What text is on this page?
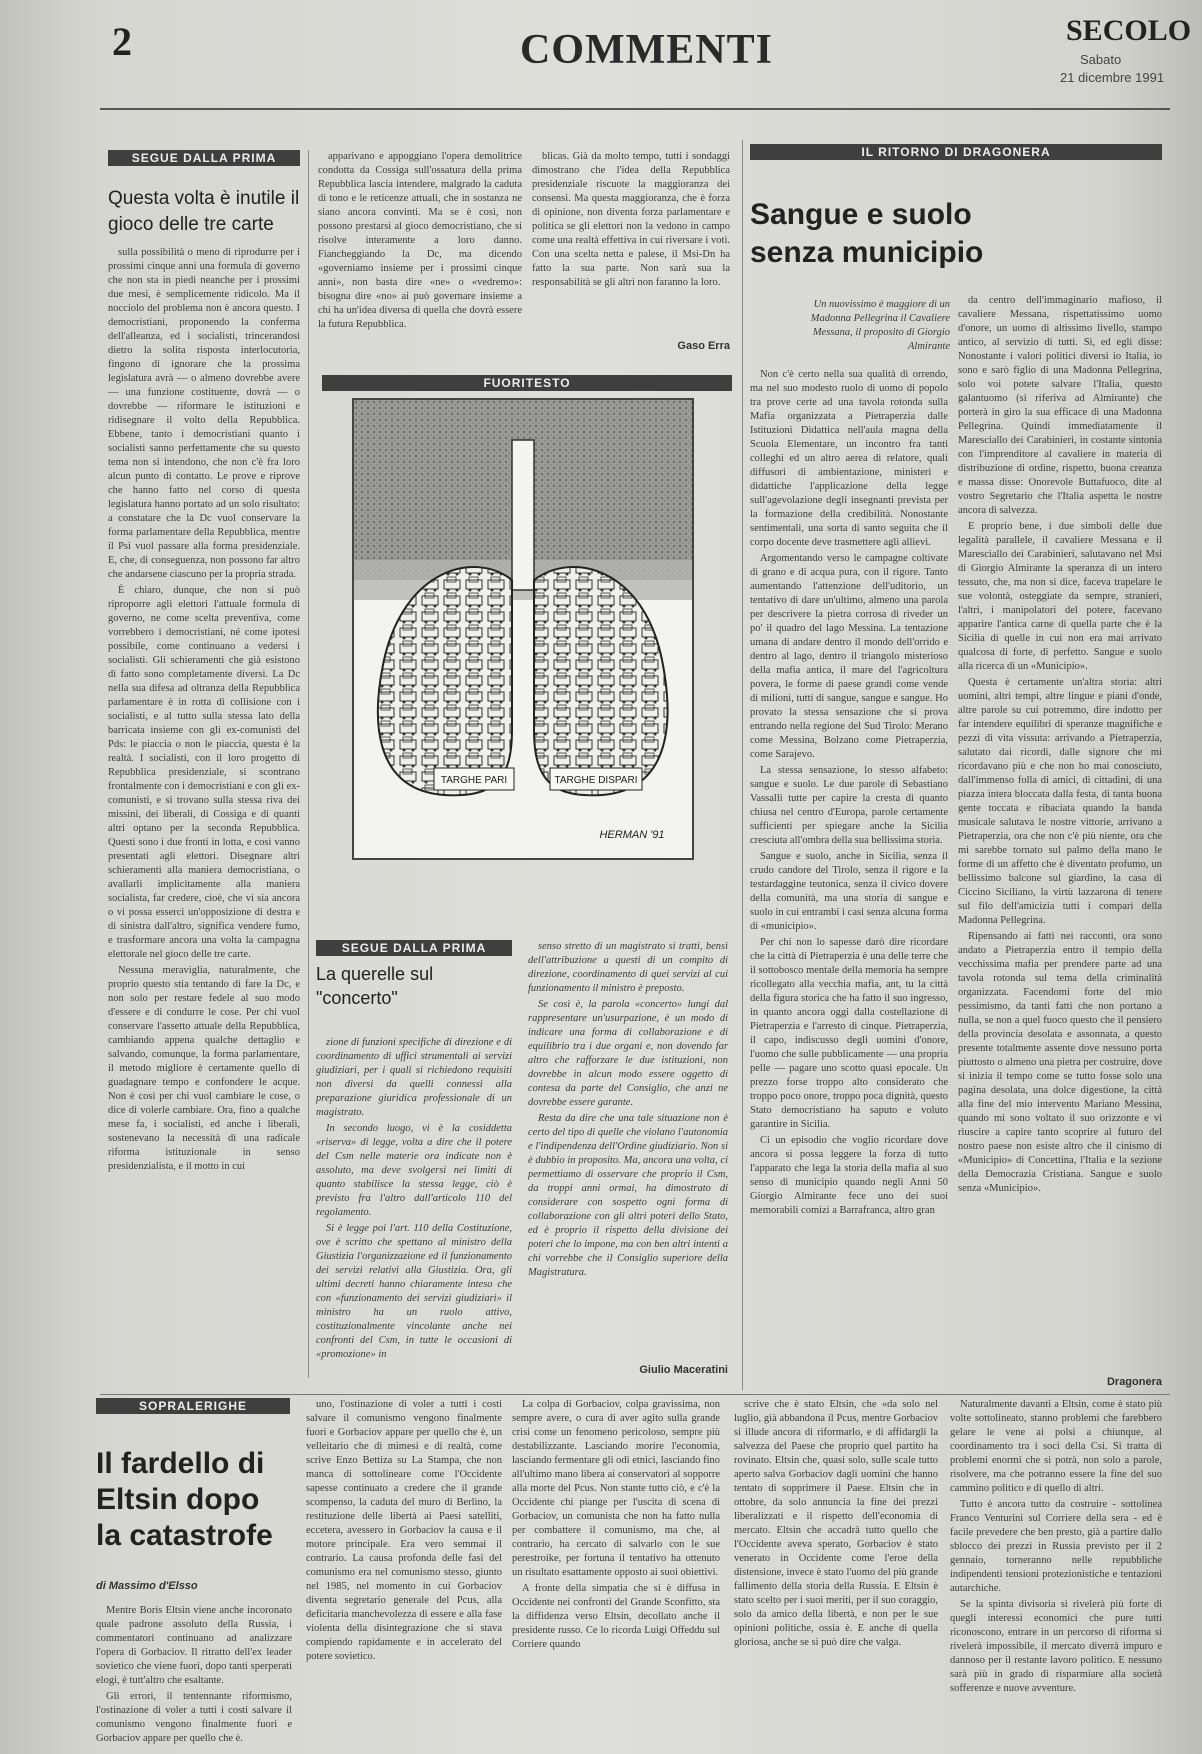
2	COMMENTI	SECOLO
Sabato
21 dicembre 1991
SEGUE DALLA PRIMA
Questa volta è inutile il gioco delle tre carte

sulla possibilità o meno di riprodurre per i prossimi cinque anni una formula di governo che non sta in piedi neanche per i prossimi due mesi, è semplicemente ridicolo. Ma il nocciolo del problema non è ancora questo. I democristiani, proponendo la conferma dell'alleanza, ed i socialisti, trincerandosi dietro la solita risposta interlocutoria, fingono di ignorare che la prossima legislatura avrà — o almeno dovrebbe avere — una funzione costituente, dovrà — o dovrebbe — riformare le istituzioni e ridisegnare il volto della Repubblica. Ebbene, tanto i democristiani quanto i socialisti sanno perfettamente che su questo tema non si intendono, che non c'è fra loro alcun punto di contatto. Le prove e riprove che hanno fatto nel corso di questa legislatura hanno portato ad un solo risultato: a constatare che la Dc vuol conservare la forma parlamentare della Repubblica, mentre il Psi vuol passare alla forma presidenziale. E, che, di conseguenza, non possono far altro che andarsene ciascuno per la propria strada.

È chiaro, dunque, che non si può riproporre agli elettori l'attuale formula di governo, ne come scelta preventiva, come vorrebbero i democristiani, né come ipotesi possibile, come continuano a vedersi i socialisti. Gli schieramenti che già esistono di fatto sono completamente diversi. La Dc nella sua difesa ad oltranza della Repubblica parlamentare è in rotta di collisione con i socialisti, e al tutto sulla stessa lato della barricata insieme con gli ex-comunisti del Pds: le piaccia o non le piaccia, questa è la realtà. I socialisti, con il loro progetto di Repubblica presidenziale, si scontrano frontalmente con i democristiani e con gli ex-comunisti, e si trovano sulla stessa riva dei missini, dei liberali, di Cossiga e di quanti altri optano per la seconda Repubblica. Questi sono i due fronti in lotta, e così vanno presentati agli elettori. Disegnare altri schieramenti alla maniera democristiana, o avallarli implicitamente alla maniera socialista, far credere, cioè, che vi sia ancora o vi possa esserci un'opposizione di destra e di sinistra dall'altro, significa vendere fumo, e trasformare ancora una volta la campagna elettorale nel gioco delle tre carte.

Nessuna meraviglia, naturalmente, che proprio questo stia tentando di fare la Dc, e non solo per restare fedele al suo modo d'essere e di condurre le cose. Per chi vuol conservare l'assetto attuale della Repubblica, cambiando appena qualche dettaglio e salvando, comunque, la forma parlamentare, il metodo migliore è certamente quello di guadagnare tempo e confondere le acque. Non è così per chi vuol cambiare le cose, o dice di volerle cambiare. Ora, fino a qualche mese fa, i socialisti, ed anche i liberali, sostenevano la necessità di una radicale riforma istituzionale in senso presidenzialista, e il motto in cui

apparivano e appoggiano l'opera demolitrice condotta da Cossiga sull'ossatura della prima Repubblica lascia intendere, malgrado la caduta di tono e le reticenze attuali, che in sostanza ne siano ancora convinti. Ma se è così, non possono prestarsi al gioco democristiano, che si risolve interamente a loro danno. Fiancheggiando la Dc, ma dicendo «governiamo insieme per i prossimi cinque anni», non basta dire «ne» o «vedremo»: bisogna dire «no» ai può governare insieme a chi ha un'idea diversa di quella che dovrà essere la futura Repubblica.

blicas. Già da molto tempo, tutti i sondaggi dimostrano che l'idea della Repubblica presidenziale riscuote la maggioranza dei consensi. Ma questa maggioranza, che è forza di opinione, non diventa forza parlamentare e politica se gli elettori non la vedono in campo come una realtà effettiva in cui riversare i voti. Con una scelta netta e palese, il Msi-Dn ha fatto la sua parte. Non sarà sua la responsabilità se gli altri non faranno la loro.

Gaso Erra
FUORITESTO
TARGHE PARI	TARGHE DISPARI
HERMAN '91
SEGUE DALLA PRIMA
La querelle sul "concerto"

zione di funzioni specifiche di direzione e di coordinamento di uffici strumentali ai servizi giudiziari, per i quali si richiedono requisiti non diversi da quelli connessi alla preparazione giuridica professionale di un magistrato.

In secondo luogo, vi è la cosiddetta «riserva» di legge, volta a dire che il potere del Csm nelle materie ora indicate non è assoluto, ma deve svolgersi nei limiti di quanto stabilisce la stessa legge, ciò è previsto fra l'altro dall'articolo 110 del regolamento.

Si è legge poi l'art. 110 della Costituzione, ove è scritto che spettano al ministro della Giustizia l'organizzazione ed il funzionamento dei servizi relativi alla Giustizia. Ora, gli ultimi decreti hanno chiaramente inteso che con «funzionamento dei servizi giudiziari» il ministro ha un ruolo attivo, costituzionalmente vincolante anche nei confronti del Csm, in tutte le occasioni di «promozione» in

senso stretto di un magistrato si tratti, bensì dell'attribuzione a questi di un compito di direzione, coordinamento di quei servizi al cui funzionamento il ministro è preposto.

Se così è, la parola «concerto» lungi dal rappresentare un'usurpazione, è un modo di indicare una forma di collaborazione e di equilibrio tra i due organi e, non dovendo far altro che rafforzare le due istituzioni, non dovrebbe in alcun modo essere oggetto di contesa da parte del Consiglio, che anzi ne dovrebbe essere garante.

Resta da dire che una tale situazione non è certo del tipo di quelle che violano l'autonomia e l'indipendenza dell'Ordine giudiziario. Non si è dubbio in proposito. Ma, ancora una volta, ci permettiamo di osservare che proprio il Csm, da troppi anni ormai, ha dimostrato di considerare con sospetto ogni forma di collaborazione con gli altri poteri dello Stato, ed è proprio il rispetto della divisione dei poteri che lo impone, ma con ben altri intenti a chi vorrebbe che il Consiglio superiore della Magistratura.

Giulio Maceratini
IL RITORNO DI DRAGONERA
Sangue e suolo senza municipio

Un nuovissimo è maggiore di un Madonna Pellegrina il Cavaliere Messana, il proposito di Giorgio Almirante

Non c'è certo nella sua qualità di orrendo, ma nel suo modesto ruolo di uomo di popolo tra prove certe ad una tavola rotonda sulla Mafia organizzata a Pietraperzia dalle Istituzioni Didattica nell'aula magna della Scuola Elementare, un incontro fra tanti colleghi ed un altro aerea di relatore, quali diffusori di ambientazione, ministeri e didattiche l'applicazione della legge sull'agevolazione degli insegnanti prevista per la formazione della credibilità. Nonostante sentimentali, una sorta di santo seguita che il corpo docente deve trasmettere agli allievi.

Argomentando verso le campagne coltivate di grano e di acqua pura, con il rigore. Tanto aumentando l'attenzione dell'uditorio, un tentativo di dare un'ultimo, almeno una parola per descrivere la pietra corrosa di riveder un po' il quadro del lago Messina. La tentazione umana di andare dentro il mondo dell'orrido e dentro al lago, dentro il triangolo misterioso della mafia antica, il mare del l'agricoltura povera, le forme di paese grandi come vende di milioni, tutti di sangue, sangue e sangue. Ho provato la stessa sensazione che si prova entrando nella regione del Sud Tirolo: Merano come Messina, Bolzano come Pietraperzia, come Sarajevo.

La stessa sensazione, lo stesso alfabeto: sangue e suolo. Le due parole di Sebastiano Vassalli tutte per capire la cresta di quanto chiusa nel centro d'Europa, parole certamente sufficienti per spiegare anche la Sicilia cresciuta all'ombra della sua bellissima storia.

Sangue e suolo, anche in Sicilia, senza il crudo candore del Tirolo, senza il rigore e la testardaggine teutonica, senza il civico dovere della comunità, ma una storia di sangue e suolo in cui entrambi i casi senza alcuna forma di «municipio».

Per chi non lo sapesse darò dire ricordare che la città di Pietraperzia è una delle terre che il sottobosco mentale della memoria ha sempre ricollegato alla vecchia mafia, ant, tu la città della figura storica che ha fatto il suo ingresso, in quanto ancora oggi dalla costellazione di Pietraperzia e l'arresto di cinque. Pietraperzia, il capo, indiscusso degli uomini d'onore, l'uomo che sulle pubblicamente — una propria pelle — pagare uno scotto quasi epocale. Un prezzo forse troppo alto considerato che troppo poco onore, troppo poca dignità, questo Stato democristiano ha saputo e voluto garantire in Sicilia.

Ci un episodio che voglio ricordare dove ancora si possa leggere la forza di tutto l'apparato che lega la storia della mafia al suo senso di municipio quando negli Anni 50 Giorgio Almirante fece uno dei suoi memorabili comizi a Barrafranca, altro gran

da centro dell'immaginario mafioso, il cavaliere Messana, rispettatissimo uomo d'onore, un uomo di altissimo livello, stampo antico, al servizio di tutti. Sì, ed egli disse: Nonostante i valori politici diversi io Italia, io sono e sarò figlio di una Madonna Pellegrina, solo voi potete salvare l'Italia, questo galantuomo (si riferiva ad Almirante) che porterà in giro la sua efficace di una Madonna Pellegrina. Quindi immediatamente il Maresciallo dei Carabinieri, in costante sintonia con l'imprenditore al cavaliere in materia di distribuzione di ordine, rispetto, buona creanza e massa disse: Onorevole Buttafuoco, dite al vostro Segretario che l'Italia aspetta le nostre ancora di salvezza.

E proprio bene, i due simboli delle due legalità parallele, il cavaliere Messana e il Maresciallo dei Carabinieri, salutavano nel Msi di Giorgio Almirante la speranza di un intero tessuto, che, ma non si dice, faceva trapelare le sue volontà, osteggiate da sempre, stranieri, l'altri, i manipolatori del potere, facevano apparire l'antica carne di quella parte che è la Sicilia di quelle in cui non era mai arrivato qualcosa di forte, di perfetto. Sangue e suolo alla ricerca di un «Municipio».

Questa è certamente un'altra storia: altri uomini, altri tempi, altre lingue e piani d'onde, altre parole su cui potremmo, dire indotto per far intendere equilibri di speranze magnifiche e pezzi di vita vissuta: arrivando a Pietraperzia, salutato dai ricordi, dalle signore che mi ricordavano più e che non ho mai conosciuto, dall'immenso folla di amici, di cittadini, di una piazza intera bloccata dalla festa, di tanta buona gente toccata e ribaciata quando la banda musicale salutava le nostre vittorie, arrivano a Pietraperzia, ora che non c'è più niente, ora che mi sarebbe tornato sul palmo della mano le forme di un affetto che è diventato profumo, un bellissimo balcone sul giardino, la casa di Ciccino Siciliano, la virtù lazzarona di tenere sul filo dell'amicizia tutti i compari della Madonna Pellegrina.

Ripensando ai fatti nei racconti, ora sono andato a Pietraperzia entro il tempio della vecchissima mafia per prendere parte ad una tavola rotonda sul tema della criminalità organizzata. Facendomi forte del mio pessimismo, da tanti fatti che non portano a nulla, se non a quel fuoco questo che il pensiero della provincia desolata e assonnata, a questo presente totalmente assente dove nessuno porta piuttosto o almeno una pietra per costruire, dove si inizia il tempo come se tutto fosse solo una pagina desolata, una dolce digestione, la città alla fine del mio intervento Mariano Messina, quando mi sono voltato il suo orizzonte e vi riuscire a capire tanto scoprire al futuro del nostro paese non esiste altro che il cinismo di «Municipio» di Concettina, l'Italia e la sezione della Democrazia Cristiana. Sangue e suolo senza «Municipio».

Dragonera
SOPRALERIGHE
Il fardello di Eltsin dopo la catastrofe
di Massimo d'Elsso

Mentre Boris Eltsin viene anche incoronato quale padrone assoluto della Russia, i commentatori continuano ad analizzare l'opera di Gorbaciov. Il ritratto dell'ex leader sovietico che viene fuori, dopo tanti sperperati elogi, è tutt'altro che esaltante.

Gli errori, il tentennante riformismo, l'ostinazione di voler a tutti i costi salvare il comunismo vengono finalmente fuori e Gorbaciov appare per quello che è.

uno, l'ostinazione di voler a tutti i costi salvare il comunismo vengono finalmente fuori e Gorbaciov appare per quello che è, un velleitario che di mimesi e di realtà, come scrive Enzo Bettiza su La Stampa, che non manca di sottolineare come l'Occidente sapesse continuato a credere che il grande scompenso, la caduta del muro di Berlino, la restituzione delle libertà ai Paesi satelliti, eccetera, avessero in Gorbaciov la causa e il motore principale. Era vero semmai il contrario. La causa profonda delle fasi del comunismo era nel comunismo stesso, giunto nel 1985, nel momento in cui Gorbaciov diventa segretario generale del Pcus, alla deficitaria manchevolezza di essere e alla fase violenta della disintegrazione che si stava compiendo rapidamente e in accelerato del potere sovietico.

La colpa di Gorbaciov, colpa gravissima, non sempre avere, o cura di aver agito sulla grande crisi come un fenomeno pericoloso, sempre più destabilizzante. Lasciando morire l'economia, lasciando fermentare gli odi etnici, lasciando fino all'ultimo mano libera ai conservatori al sopporre alla morte del Pcus. Non stante tutto ciò, e c'è la Occidente chi piange per l'uscita di scena di Gorbaciov, un comunista che non ha fatto nulla per combattere il comunismo, ma che, al contrario, ha cercato di salvarlo con le sue perestroike, per fortuna il tentativo ha ottenuto un risultato esattamente opposto ai suoi obiettivi.

A fronte della simpatia che si è diffusa in Occidente nei confronti del Grande Sconfitto, sta la diffidenza verso Eltsin, decollato anche il presidente russo. Ce lo ricorda Luigi Offeddu sul Corriere quando

scrive che è stato Eltsin, che «da solo nel luglio, già abbandona il Pcus, mentre Gorbaciov si illude ancora di riformarlo, e di affidargli la salvezza del Paese che proprio quel partito ha rovinato. Eltsin che, quasi solo, sulle scale tutto aperto salva Gorbaciov dagli uomini che hanno tentato di sopprimere il Paese. Eltsin che in ottobre, da solo annuncia la fine dei prezzi liberalizzati e il rispetto dell'economia di mercato. Eltsin che accadrà tutto quello che l'Occidente aveva sperato, Gorbaciov è stato venerato in Occidente come l'eroe della distensione, invece è stato l'uomo del più grande fallimento della storia della Russia. E Eltsin è stato scelto per i suoi meriti, per il suo coraggio, solo da amico della libertà, e non per le sue opinioni politiche, ossia è. E anche di quella gloriosa, anche se si può dire che valga.

Naturalmente davanti a Eltsin, come è stato più volte sottolineato, stanno problemi che farebbero gelare le vene ai polsi a chiunque, al coordinamento tra i soci della Csi. Si tratta di problemi enormi che si potrà, non solo a parole, risolvere, ma che potranno essere la fine del suo cammino politico e di quello di altri.

Tutto è ancora tutto da costruire - sottolinea Franco Venturini sul Corriere della sera - ed è facile prevedere che ben presto, già a partire dallo sblocco dei prezzi in Russia previsto per il 2 gennaio, torneranno nelle repubbliche indipendenti tensioni protezionistiche e tentazioni autarchiche.

Se la spinta divisoria si rivelerà più forte di quegli interessi economici che pure tutti riconoscono, entrare in un percorso di riforma si rivelerà impossibile, il mercato diverrà impuro e dannoso per il restante lavoro politico. E nessuno sarà più in grado di risparmiare alla società sofferenze e nuove avventure.
